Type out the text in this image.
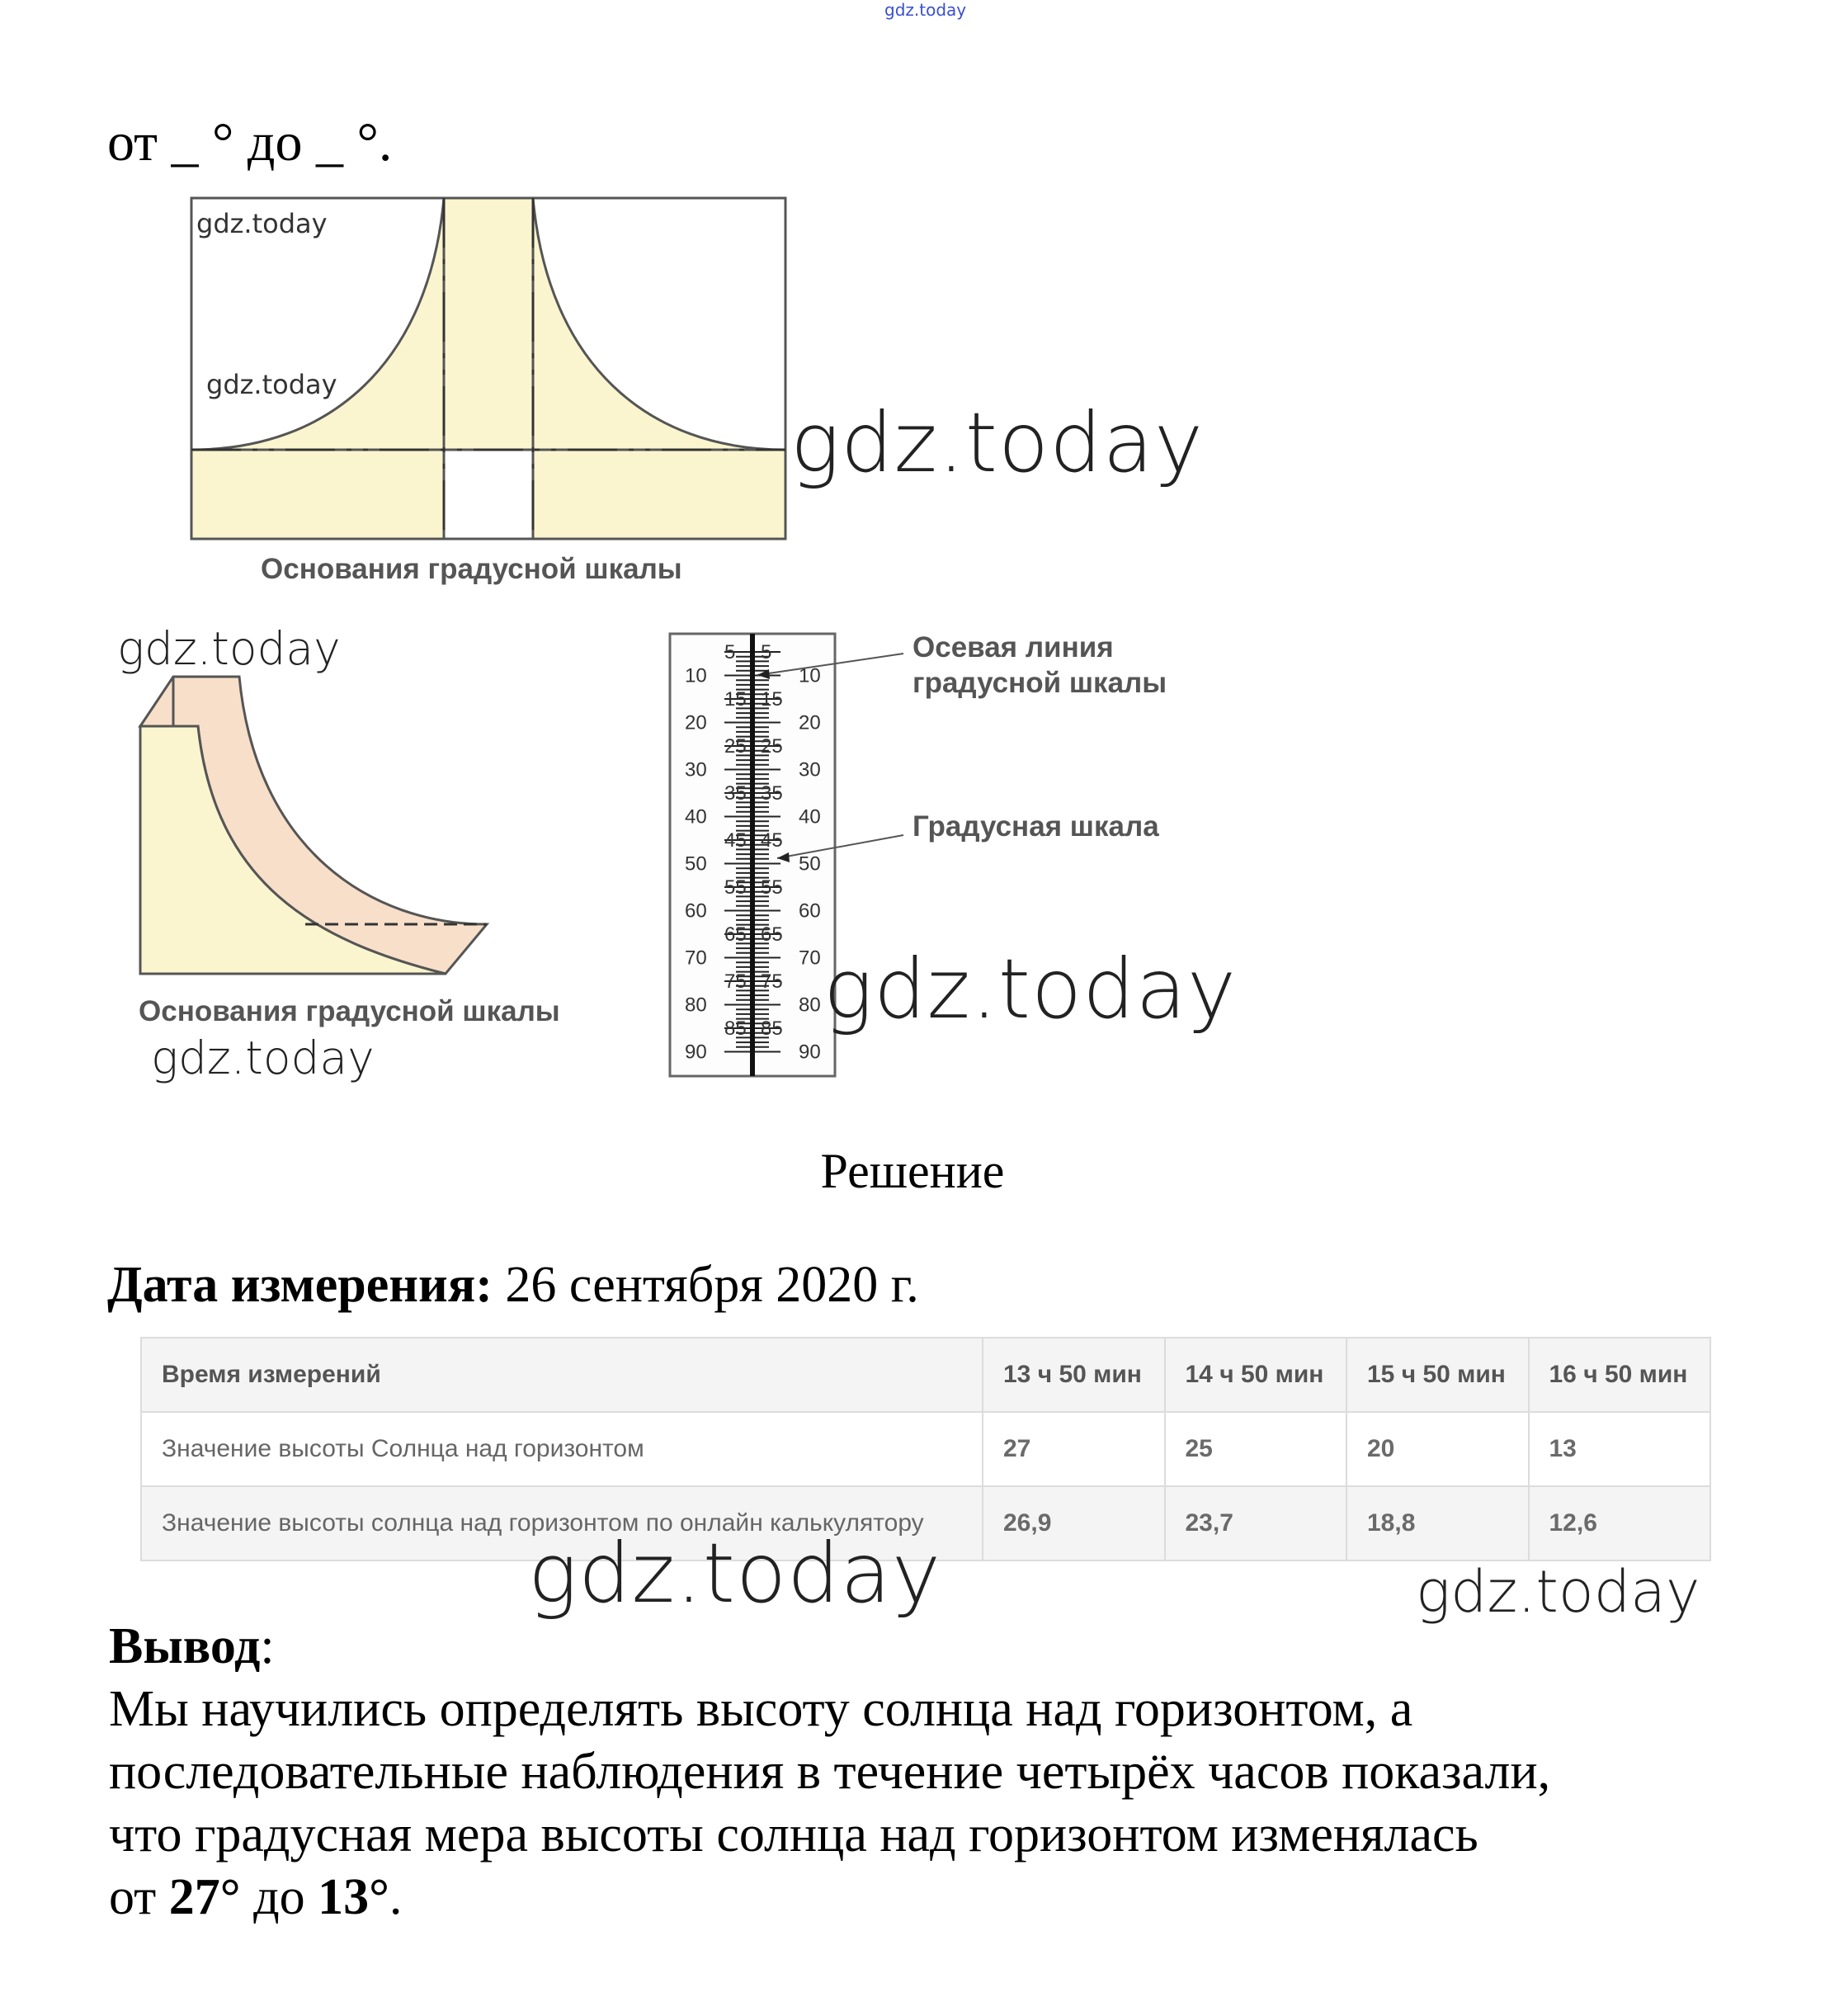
gdz.today
от _ ° до _ °.
gdz.today
gdz.today
gdz.today
Основания градусной шкалы
gdz.today
Основания градусной шкалы
gdz.today
5
10
15
20
25
30
35
40
45
50
55
60
65
70
75
80
85
90
5
10
15
20
25
30
35
40
45
50
55
60
65
70
75
80
85
90
Осевая линия
градусной шкалы
Градусная шкала
gdz.today
Решение
Дата измерения: 26 сентября 2020 г.
Время измерений	13 ч 50 мин	14 ч 50 мин	15 ч 50 мин	16 ч 50 мин
Значение высоты Солнца над горизонтом	27	25	20	13
Значение высоты солнца над горизонтом по онлайн калькулятору	26,9	23,7	18,8	12,6
gdz.today	gdz.today
Вывод:
Мы научились определять высоту солнца над горизонтом, а
последовательные наблюдения в течение четырёх часов показали,
что градусная мера высоты солнца над горизонтом изменялась
от 27° до 13°.
